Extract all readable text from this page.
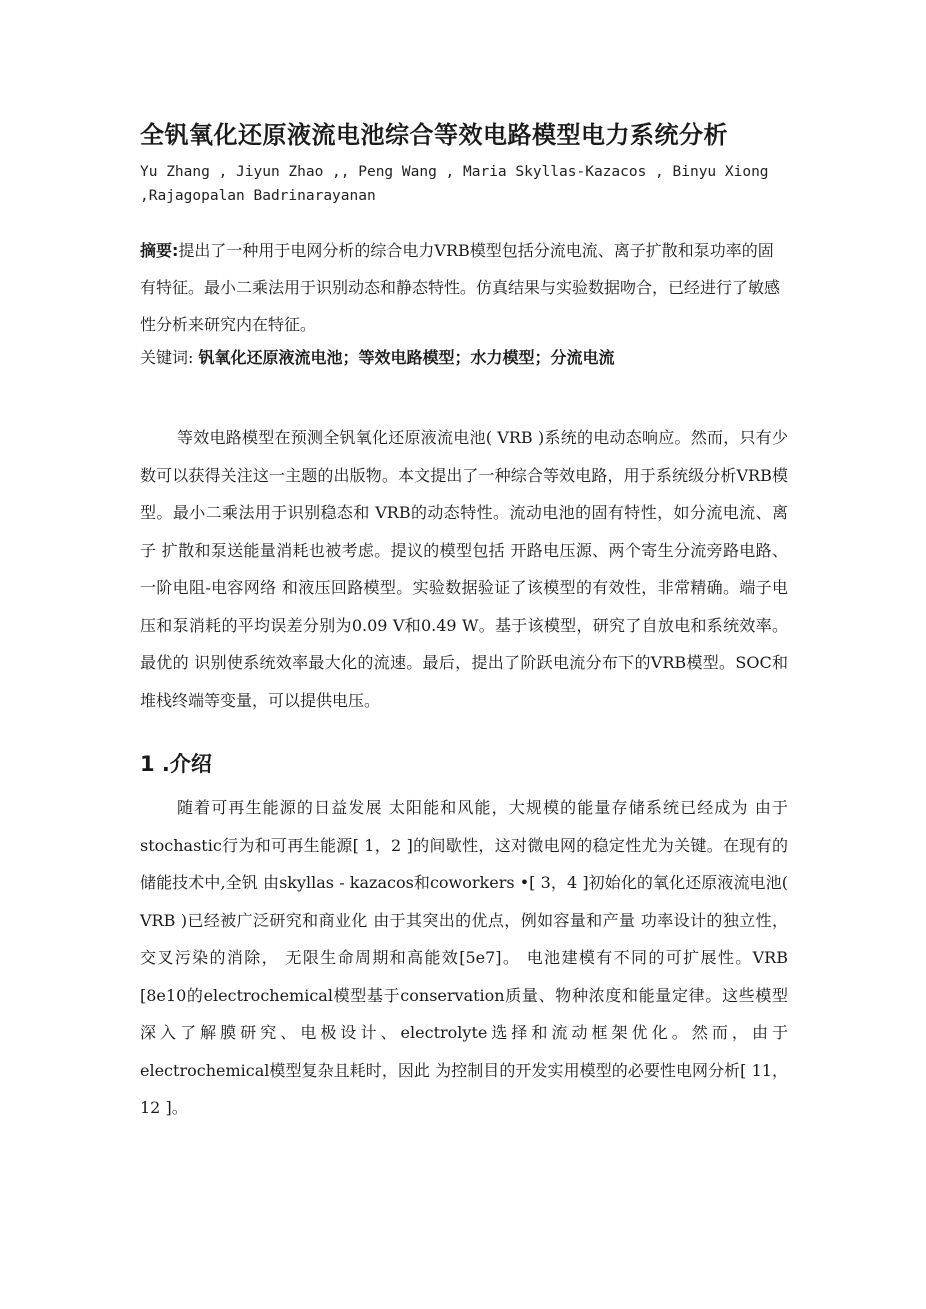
全钒氧化还原液流电池综合等效电路模型电力系统分析
Yu Zhang , Jiyun Zhao ,, Peng Wang , Maria Skyllas-Kazacos , Binyu Xiong ,Rajagopalan Badrinarayanan
摘要:提出了一种用于电网分析的综合电力VRB模型包括分流电流、离子扩散和泵功率的固有特征。最小二乘法用于识别动态和静态特性。仿真结果与实验数据吻合，已经进行了敏感性分析来研究内在特征。
关键词: 钒氧化还原液流电池；等效电路模型；水力模型；分流电流

等效电路模型在预测全钒氧化还原液流电池( VRB )系统的电动态响应。然而，只有少数可以获得关注这一主题的出版物。本文提出了一种综合等效电路，用于系统级分析VRB模型。最小二乘法用于识别稳态和 VRB的动态特性。流动电池的固有特性，如分流电流、离子 扩散和泵送能量消耗也被考虑。提议的模型包括 开路电压源、两个寄生分流旁路电路、一阶电阻-电容网络 和液压回路模型。实验数据验证了该模型的有效性，非常精确。端子电压和泵消耗的平均误差分别为0.09 V和0.49 W。基于该模型，研究了自放电和系统效率。最优的 识别使系统效率最大化的流速。最后，提出了阶跃电流分布下的VRB模型。SOC和堆栈终端等变量，可以提供电压。

1 .介绍

随着可再生能源的日益发展 太阳能和风能，大规模的能量存储系统已经成为 由于stochastic行为和可再生能源[ 1，2 ]的间歇性，这对微电网的稳定性尤为关键。在现有的储能技术中,全钒 由skyllas - kazacos和coworkers •[ 3，4 ]初始化的氧化还原液流电池( VRB )已经被广泛研究和商业化 由于其突出的优点，例如容量和产量 功率设计的独立性，交叉污染的消除， 无限生命周期和高能效[5e7]。 电池建模有不同的可扩展性。VRB [8e10的electrochemical模型基于conservation质量、物种浓度和能量定律。这些模型 深入了解膜研究、电极设计、electrolyte选择和流动框架优化。然而，由于electrochemical模型复杂且耗时，因此 为控制目的开发实用模型的必要性电网分析[ 11，12 ]。
